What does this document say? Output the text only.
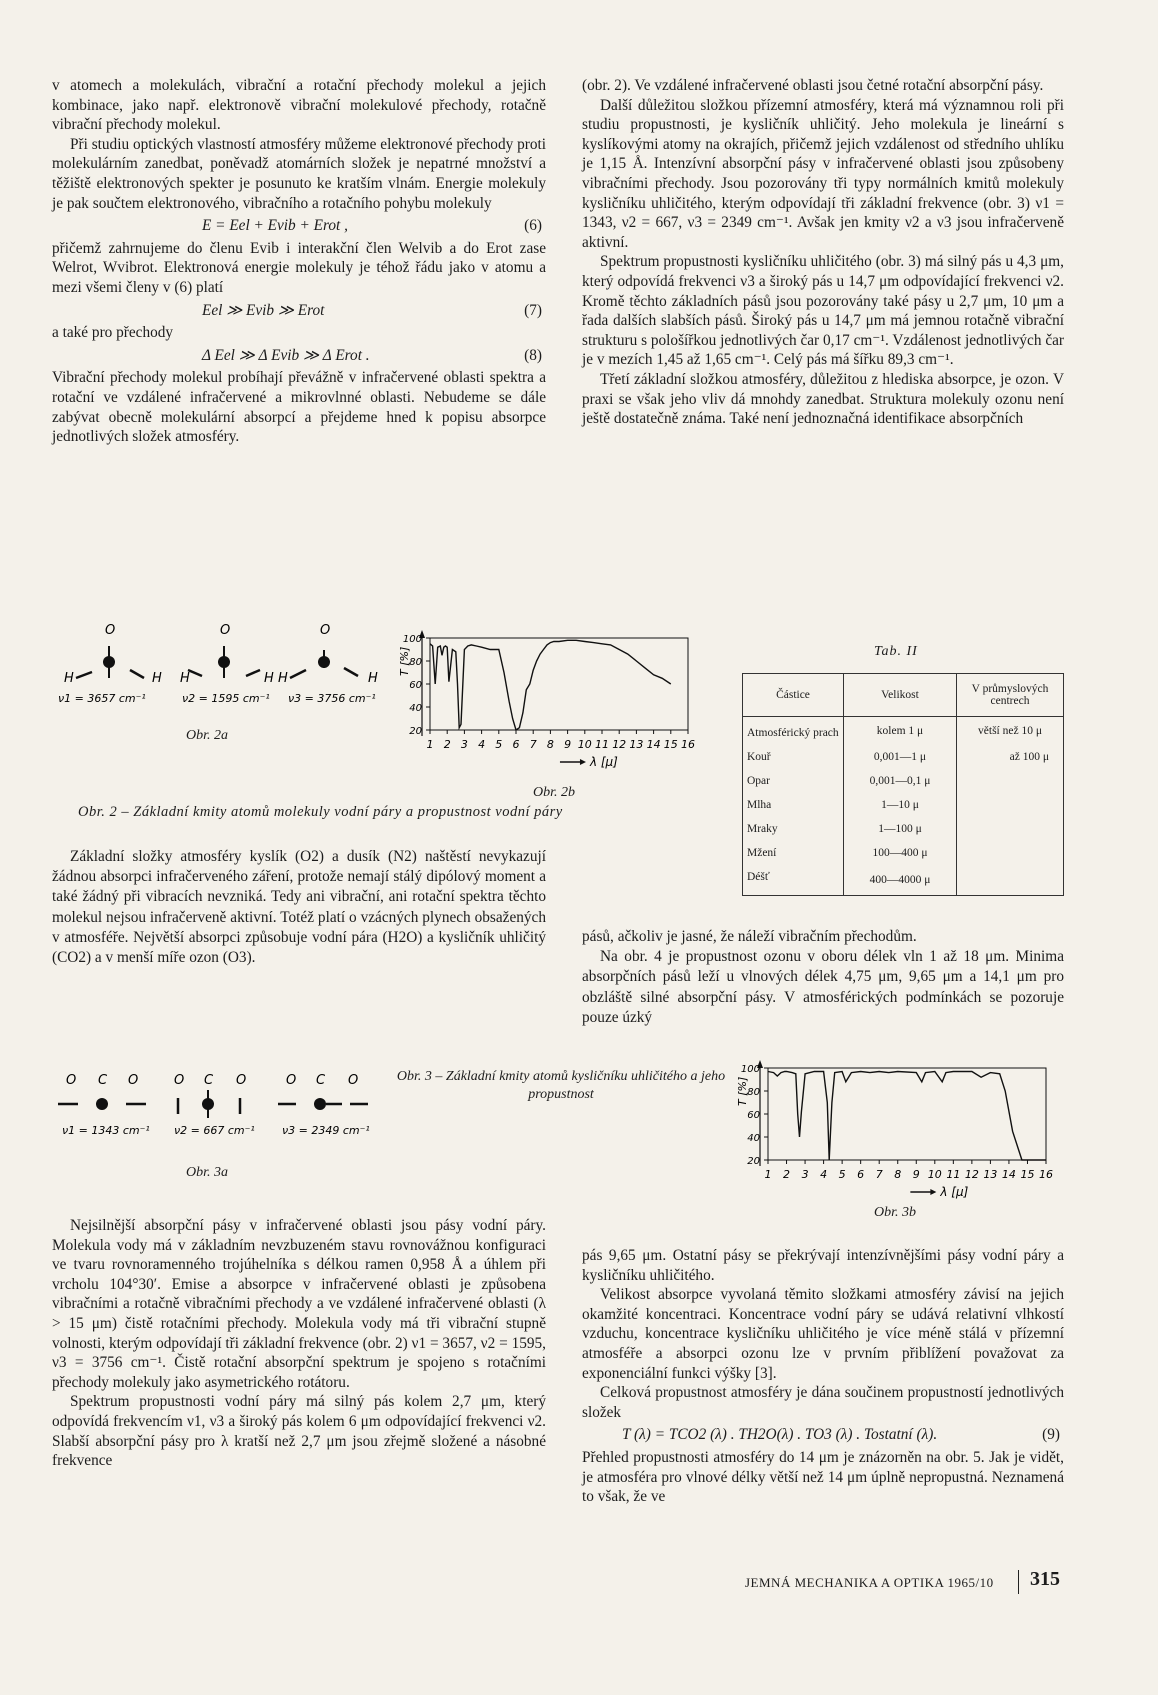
v atomech a molekulách, vibrační a rotační přechody molekul a jejich kombinace, jako např. elektronově vibrační molekulové přechody, rotačně vibrační přechody molekul.

Při studiu optických vlastností atmosféry můžeme elektronové přechody proti molekulárním zanedbat, poněvadž atomárních složek je nepatrné množství a těžiště elektronových spekter je posunuto ke kratším vlnám. Energie molekuly je pak součtem elektronového, vibračního a rotačního pohybu molekuly

E = Eel + Evib + Erot ,	(6)

přičemž zahrnujeme do členu Evib i interakční člen Welvib a do Erot zase Welrot, Wvibrot. Elektronová energie molekuly je téhož řádu jako v atomu a mezi všemi členy v (6) platí

Eel ≫ Evib ≫ Erot	(7)

a také pro přechody

Δ Eel ≫ Δ Evib ≫ Δ Erot .	(8)

Vibrační přechody molekul probíhají převážně v infračervené oblasti spektra a rotační ve vzdálené infračervené a mikrovlnné oblasti. Nebudeme se dále zabývat obecně molekulární absorpcí a přejdeme hned k popisu absorpce jednotlivých složek atmosféry.

(obr. 2). Ve vzdálené infračervené oblasti jsou četné rotační absorpční pásy.

Další důležitou složkou přízemní atmosféry, která má významnou roli při studiu propustnosti, je kysličník uhličitý. Jeho molekula je lineární s kyslíkovými atomy na okrajích, přičemž jejich vzdálenost od středního uhlíku je 1,15 Å. Intenzívní absorpční pásy v infračervené oblasti jsou způsobeny vibračními přechody. Jsou pozorovány tři typy normálních kmitů molekuly kysličníku uhličitého, kterým odpovídají tři základní frekvence (obr. 3) ν1 = 1343, ν2 = 667, ν3 = 2349 cm⁻¹. Avšak jen kmity ν2 a ν3 jsou infračerveně aktivní.

Spektrum propustnosti kysličníku uhličitého (obr. 3) má silný pás u 4,3 μm, který odpovídá frekvenci ν3 a široký pás u 14,7 μm odpovídající frekvenci ν2. Kromě těchto základních pásů jsou pozorovány také pásy u 2,7 μm, 10 μm a řada dalších slabších pásů. Široký pás u 14,7 μm má jemnou rotačně vibrační strukturu s pološířkou jednotlivých čar 0,17 cm⁻¹. Vzdálenost jednotlivých čar je v mezích 1,45 až 1,65 cm⁻¹. Celý pás má šířku 89,3 cm⁻¹.

Třetí základní složkou atmosféry, důležitou z hlediska absorpce, je ozon. V praxi se však jeho vliv dá mnohdy zanedbat. Struktura molekuly ozonu není ještě dostatečně známa. Také není jednoznačná identifikace absorpčních

O
H	H
ν1 = 3657 cm⁻¹
O
H	H
ν2 = 1595 cm⁻¹
O
H	H
ν3 = 3756 cm⁻¹
Obr. 2a
T [%]
20
40
60
80
100
1 2 3 4 5 6 7 8 9 10 11 12 13 14 15 16
λ [μ]
Obr. 2b
Obr. 2 – Základní kmity atomů molekuly vodní páry a propustnost vodní páry
Tab. II
Částice	Velikost	V průmyslových centrech
Atmosférický prach	kolem 1 μ	větší než 10 μ
Kouř	0,001—1 μ	až 100 μ
Opar	0,001—0,1 μ	
Mlha	1—10 μ	
Mraky	1—100 μ	
Mžení	100—400 μ	
Déšť	400—4000 μ	

Základní složky atmosféry kyslík (O2) a dusík (N2) naštěstí nevykazují žádnou absorpci infračerveného záření, protože nemají stálý dipólový moment a také žádný při vibracích nevzniká. Tedy ani vibrační, ani rotační spektra těchto molekul nejsou infračerveně aktivní. Totéž platí o vzácných plynech obsažených v atmosféře. Největší absorpci způsobuje vodní pára (H2O) a kysličník uhličitý (CO2) a v menší míře ozon (O3).

pásů, ačkoliv je jasné, že náleží vibračním přechodům.

Na obr. 4 je propustnost ozonu v oboru délek vln 1 až 18 μm. Minima absorpčních pásů leží u vlnových délek 4,75 μm, 9,65 μm a 14,1 μm pro obzláště silné absorpční pásy. V atmosférických podmínkách se pozoruje pouze úzký

O C O
ν1 = 1343 cm⁻¹
O C O
ν2 = 667 cm⁻¹
O C O
ν3 = 2349 cm⁻¹
Obr. 3a
Obr. 3 – Základní kmity atomů kysličníku uhličitého a jeho propustnost	T [%]
20
40
60
80
100
1 2 3 4 5 6 7 8 9 10 11 12 13 14 15 16
λ [μ]
Obr. 3b

Nejsilnější absorpční pásy v infračervené oblasti jsou pásy vodní páry. Molekula vody má v základním nevzbuzeném stavu rovnovážnou konfiguraci ve tvaru rovnoramenného trojúhelníka s délkou ramen 0,958 Å a úhlem při vrcholu 104°30′. Emise a absorpce v infračervené oblasti je způsobena vibračními a rotačně vibračními přechody a ve vzdálené infračervené oblasti (λ > 15 μm) čistě rotačními přechody. Molekula vody má tři vibrační stupně volnosti, kterým odpovídají tři základní frekvence (obr. 2) ν1 = 3657, ν2 = 1595, ν3 = 3756 cm⁻¹. Čistě rotační absorpční spektrum je spojeno s rotačními přechody molekuly jako asymetrického rotátoru.

Spektrum propustnosti vodní páry má silný pás kolem 2,7 μm, který odpovídá frekvencím ν1, ν3 a široký pás kolem 6 μm odpovídající frekvenci ν2. Slabší absorpční pásy pro λ kratší než 2,7 μm jsou zřejmě složené a násobné frekvence

pás 9,65 μm. Ostatní pásy se překrývají intenzívnějšími pásy vodní páry a kysličníku uhličitého.

Velikost absorpce vyvolaná těmito složkami atmosféry závisí na jejich okamžité koncentraci. Koncentrace vodní páry se udává relativní vlhkostí vzduchu, koncentrace kysličníku uhličitého je více méně stálá v přízemní atmosféře a absorpci ozonu lze v prvním přiblížení považovat za exponenciální funkci výšky [3].

Celková propustnost atmosféry je dána součinem propustností jednotlivých složek

T (λ) = TCO2 (λ) . TH2O(λ) . TO3 (λ) . Tostatní (λ).	(9)

Přehled propustnosti atmosféry do 14 μm je znázorněn na obr. 5. Jak je vidět, je atmosféra pro vlnové délky větší než 14 μm úplně nepropustná. Neznamená to však, že ve

JEMNÁ MECHANIKA A OPTIKA 1965/10 315
